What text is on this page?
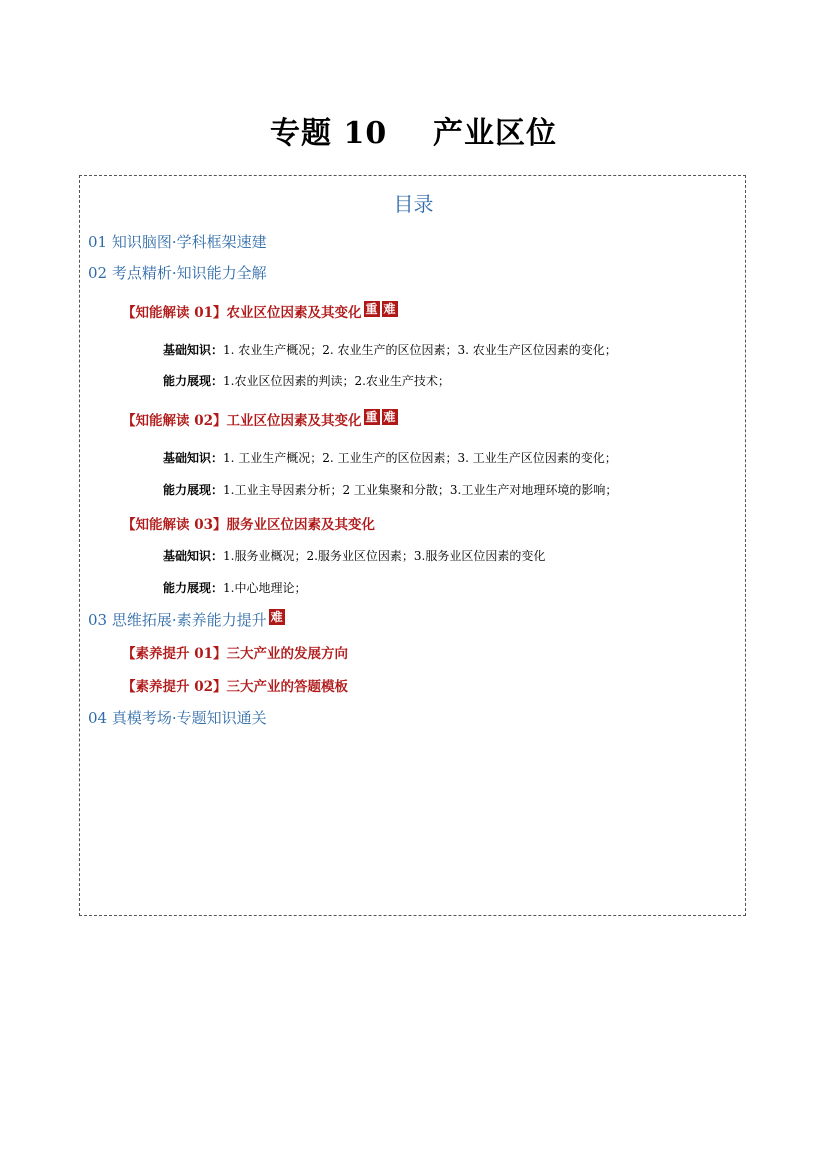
专题 10    产业区位
目录
01 知识脑图·学科框架速建
02 考点精析·知识能力全解
【知能解读 01】农业区位因素及其变化 重 难
基础知识：1. 农业生产概况；2. 农业生产的区位因素；3. 农业生产区位因素的变化；
能力展现：1.农业区位因素的判读；2.农业生产技术；
【知能解读 02】工业区位因素及其变化 重 难
基础知识：1. 工业生产概况；2. 工业生产的区位因素；3. 工业生产区位因素的变化；
能力展现：1.工业主导因素分析；2 工业集聚和分散；3.工业生产对地理环境的影响；
【知能解读 03】服务业区位因素及其变化
基础知识：1.服务业概况；2.服务业区位因素；3.服务业区位因素的变化
能力展现：1.中心地理论；
03 思维拓展·素养能力提升 难
【素养提升 01】三大产业的发展方向
【素养提升 02】三大产业的答题模板
04 真模考场·专题知识通关
